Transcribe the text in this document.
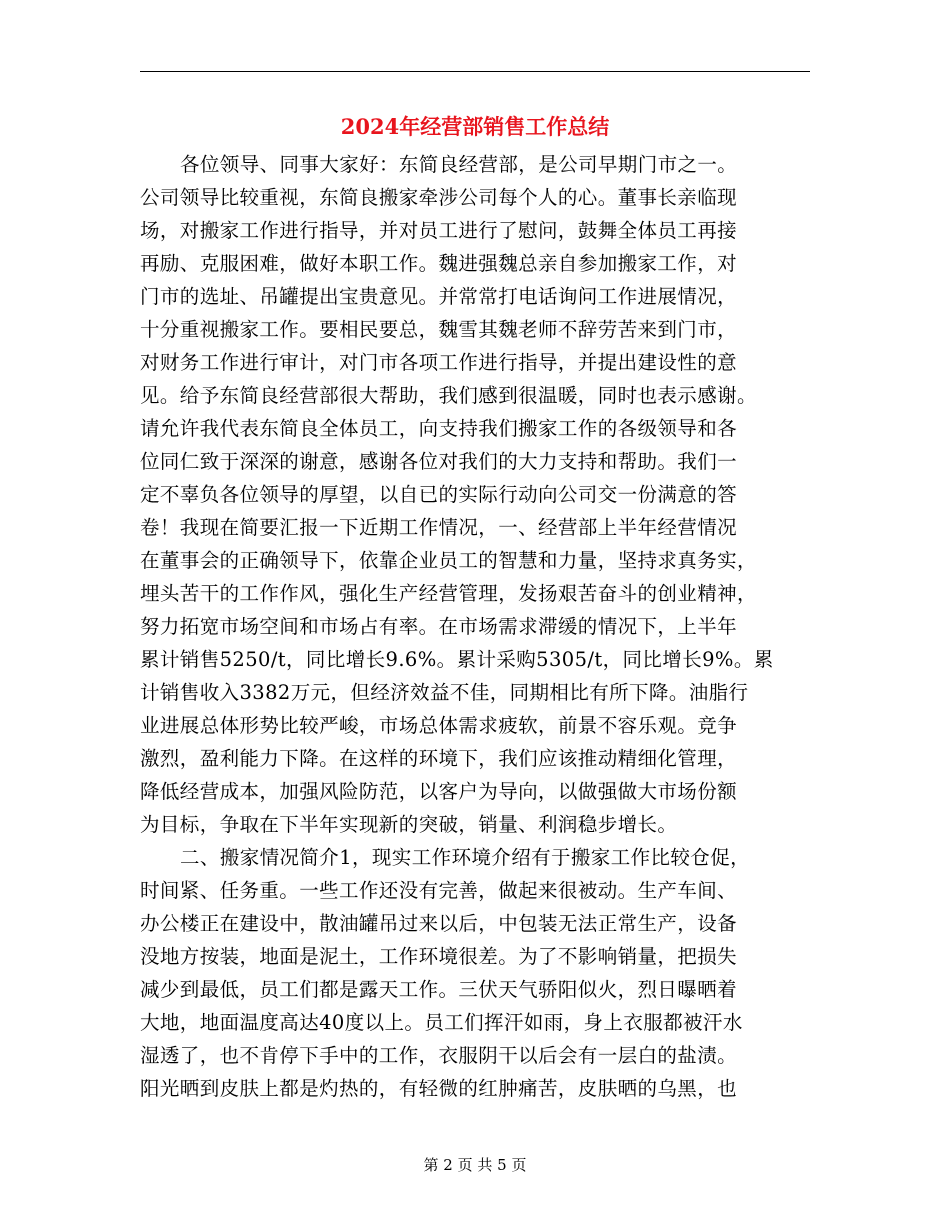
2024年经营部销售工作总结
各位领导、同事大家好：东简良经营部，是公司早期门市之一。
公司领导比较重视，东简良搬家牵涉公司每个人的心。董事长亲临现
场，对搬家工作进行指导，并对员工进行了慰问，鼓舞全体员工再接
再励、克服困难，做好本职工作。魏进强魏总亲自参加搬家工作，对
门市的选址、吊罐提出宝贵意见。并常常打电话询问工作进展情况，
十分重视搬家工作。要相民要总，魏雪其魏老师不辞劳苦来到门市，
对财务工作进行审计，对门市各项工作进行指导，并提出建设性的意
见。给予东简良经营部很大帮助，我们感到很温暖，同时也表示感谢。
请允许我代表东简良全体员工，向支持我们搬家工作的各级领导和各
位同仁致于深深的谢意，感谢各位对我们的大力支持和帮助。我们一
定不辜负各位领导的厚望，以自已的实际行动向公司交一份满意的答
卷！我现在简要汇报一下近期工作情况，一、经营部上半年经营情况
在董事会的正确领导下，依靠企业员工的智慧和力量，坚持求真务实，
埋头苦干的工作作风，强化生产经营管理，发扬艰苦奋斗的创业精神，
努力拓宽市场空间和市场占有率。在市场需求滞缓的情况下，上半年
累计销售5250/t，同比增长9.6%。累计采购5305/t，同比增长9%。累
计销售收入3382万元，但经济效益不佳，同期相比有所下降。油脂行
业进展总体形势比较严峻，市场总体需求疲软，前景不容乐观。竞争
激烈，盈利能力下降。在这样的环境下，我们应该推动精细化管理，
降低经营成本，加强风险防范，以客户为导向，以做强做大市场份额
为目标，争取在下半年实现新的突破，销量、利润稳步增长。
二、搬家情况简介1，现实工作环境介绍有于搬家工作比较仓促，
时间紧、任务重。一些工作还没有完善，做起来很被动。生产车间、
办公楼正在建设中，散油罐吊过来以后，中包装无法正常生产，设备
没地方按装，地面是泥土，工作环境很差。为了不影响销量，把损失
减少到最低，员工们都是露天工作。三伏天气骄阳似火，烈日曝晒着
大地，地面温度高达40度以上。员工们挥汗如雨，身上衣服都被汗水
湿透了，也不肯停下手中的工作，衣服阴干以后会有一层白的盐渍。
阳光晒到皮肤上都是灼热的，有轻微的红肿痛苦，皮肤晒的乌黑，也
第 2 页 共 5 页
